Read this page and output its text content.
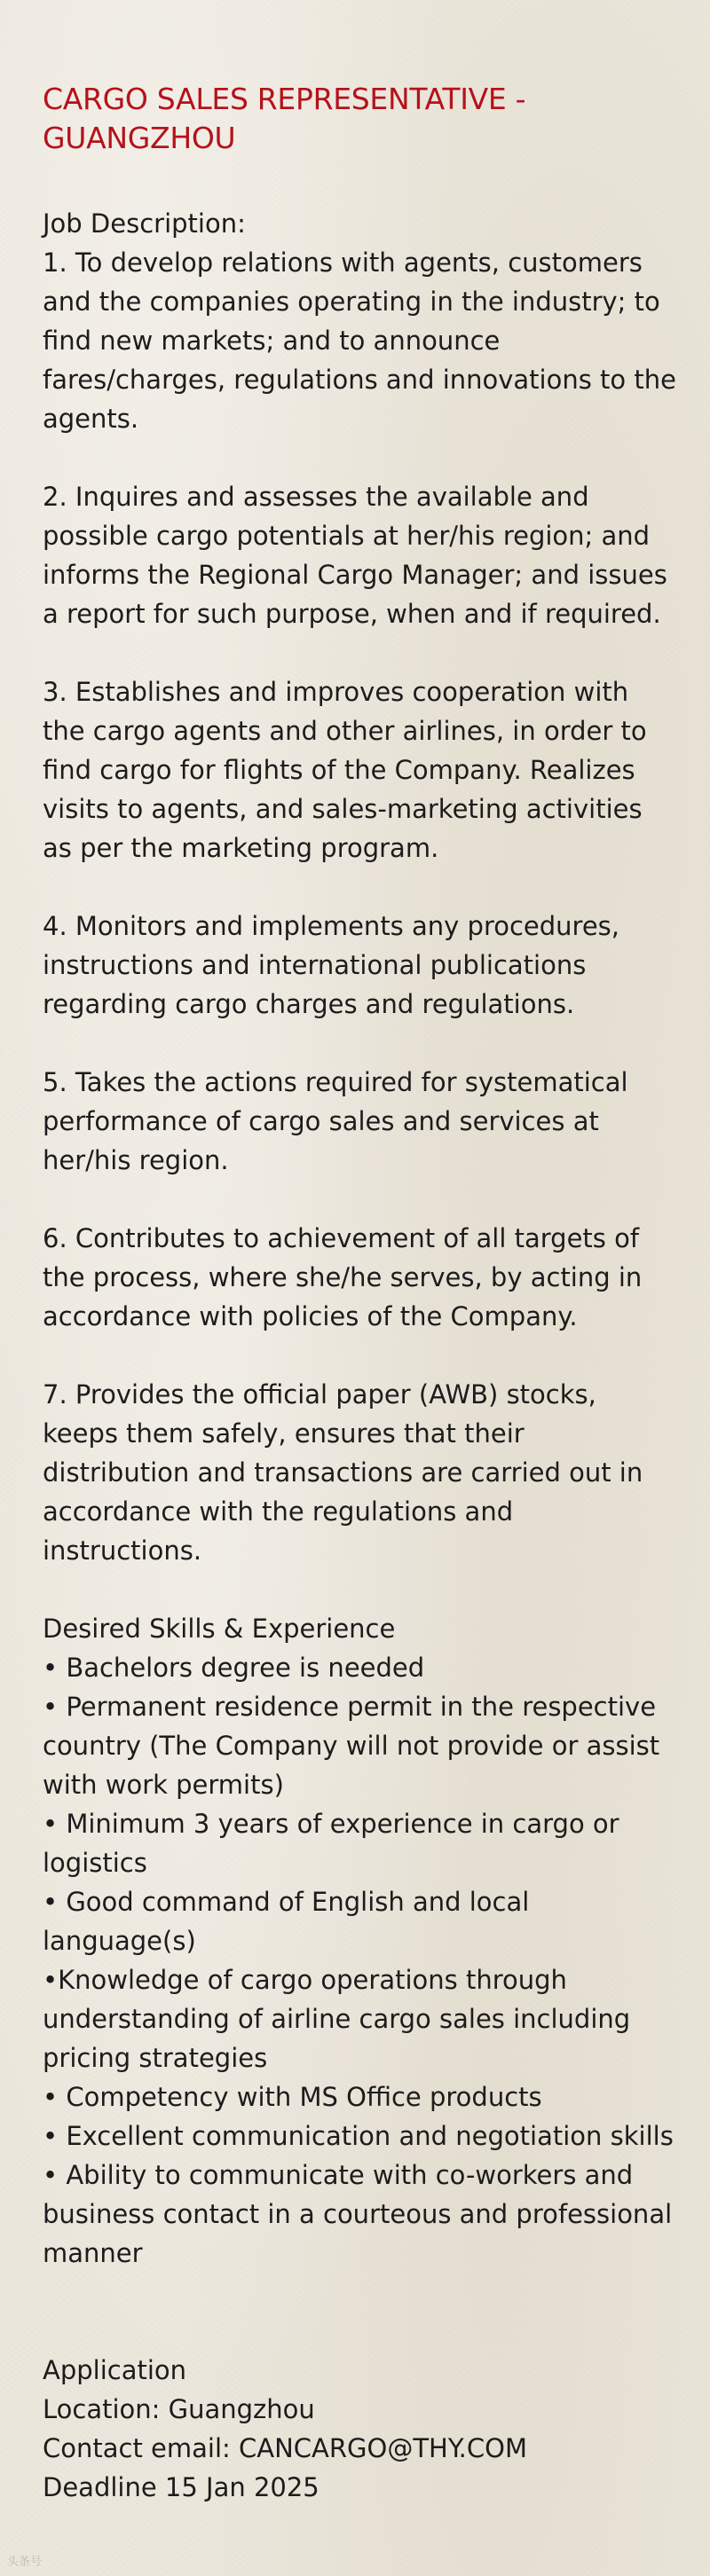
CARGO SALES REPRESENTATIVE - GUANGZHOU

Job Description:

1. To develop relations with agents, customers and the companies operating in the industry; to find new markets; and to announce fares/charges, regulations and innovations to the agents.

2. Inquires and assesses the available and possible cargo potentials at her/his region; and informs the Regional Cargo Manager; and issues a report for such purpose, when and if required.

3. Establishes and improves cooperation with the cargo agents and other airlines, in order to find cargo for flights of the Company. Realizes visits to agents, and sales-marketing activities as per the marketing program.

4. Monitors and implements any procedures, instructions and international publications regarding cargo charges and regulations.

5. Takes the actions required for systematical performance of cargo sales and services at her/his region.

6. Contributes to achievement of all targets of the process, where she/he serves, by acting in accordance with policies of the Company.

7. Provides the official paper (AWB) stocks, keeps them safely, ensures that their distribution and transactions are carried out in accordance with the regulations and instructions.

Desired Skills & Experience

• Bachelors degree is needed

• Permanent residence permit in the respective country (The Company will not provide or assist with work permits)

• Minimum 3 years of experience in cargo or logistics

• Good command of English and local language(s)

•Knowledge of cargo operations through understanding of airline cargo sales including pricing strategies

• Competency with MS Office products

• Excellent communication and negotiation skills

• Ability to communicate with co-workers and business contact in a courteous and professional manner

Application

Location: Guangzhou

Contact email: CANCARGO@THY.COM

Deadline 15 Jan 2025

头条号
